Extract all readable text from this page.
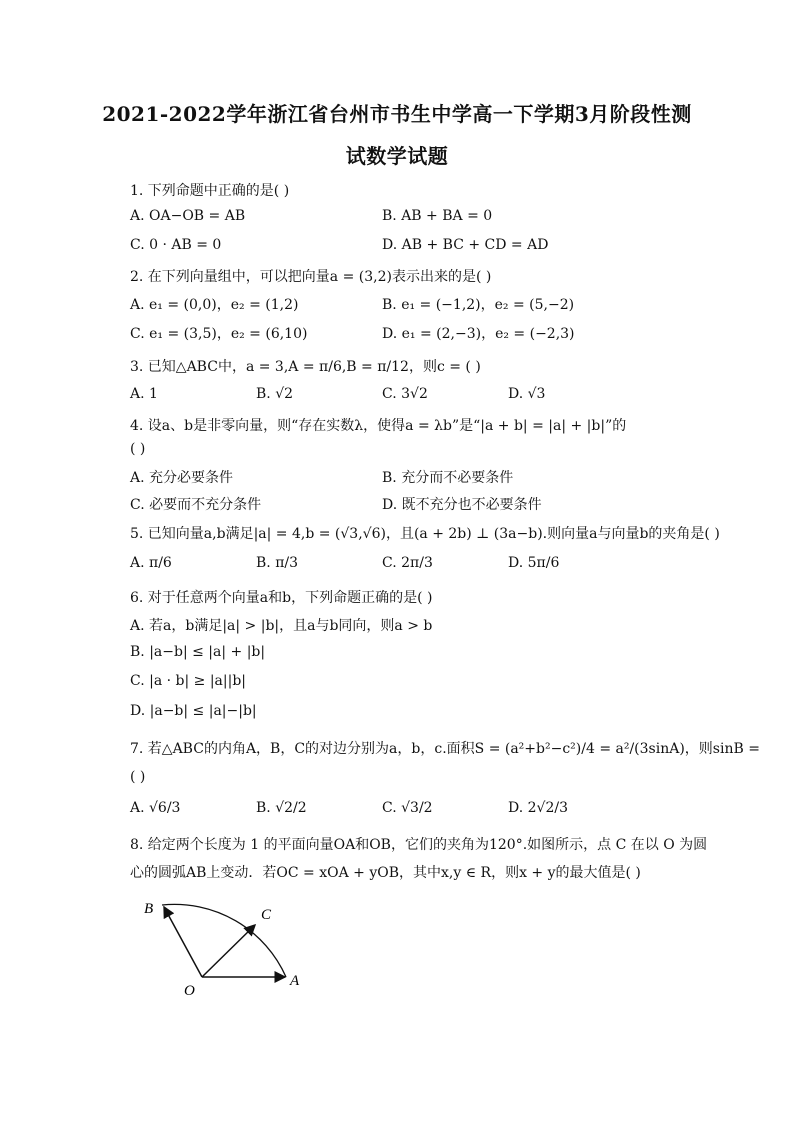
2021-2022学年浙江省台州市书生中学高一下学期3月阶段性测
试数学试题
1. 下列命题中正确的是( )
A. OA−OB = AB	B. AB + BA = 0
C. 0 · AB = 0	D. AB + BC + CD = AD
2. 在下列向量组中，可以把向量a = (3,2)表示出来的是( )
A. e₁ = (0,0)，e₂ = (1,2)	B. e₁ = (−1,2)，e₂ = (5,−2)
C. e₁ = (3,5)，e₂ = (6,10)	D. e₁ = (2,−3)，e₂ = (−2,3)
3. 已知△ABC中，a = 3,A = π/6,B = π/12，则c = ( )
A. 1	B. √2	C. 3√2	D. √3
4. 设a、b是非零向量，则“存在实数λ，使得a = λb”是“|a + b| = |a| + |b|”的
( )
A. 充分必要条件	B. 充分而不必要条件
C. 必要而不充分条件	D. 既不充分也不必要条件
5. 已知向量a,b满足|a| = 4,b = (√3,√6)，且(a + 2b) ⊥ (3a−b).则向量a与向量b的夹角是( )
A. π/6	B. π/3	C. 2π/3	D. 5π/6
6. 对于任意两个向量a和b，下列命题正确的是( )
A. 若a，b满足|a| > |b|，且a与b同向，则a > b
B. |a−b| ≤ |a| + |b|
C. |a · b| ≥ |a||b|
D. |a−b| ≤ |a|−|b|
7. 若△ABC的内角A，B，C的对边分别为a，b，c.面积S = (a²+b²−c²)/4 = a²/(3sinA)，则sinB =
( )
A. √6/3	B. √2/2	C. √3/2	D. 2√2/3
8. 给定两个长度为 1 的平面向量OA和OB，它们的夹角为120°.如图所示，点 C 在以 O 为圆
心的圆弧AB上变动．若OC = xOA + yOB，其中x,y ∈ R，则x + y的最大值是( )
B	C
O
A
